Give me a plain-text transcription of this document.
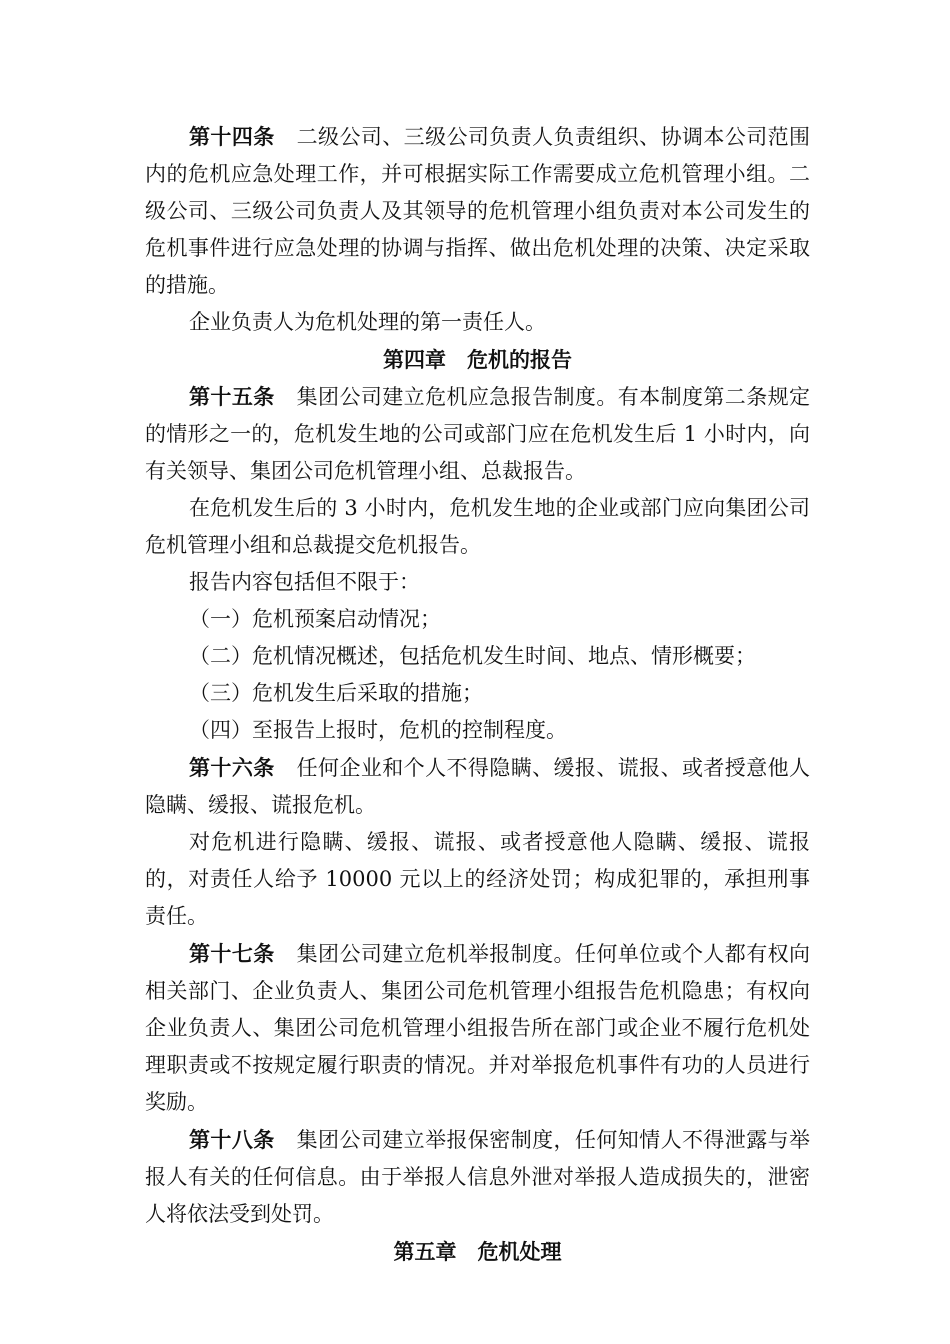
第十四条 二级公司、三级公司负责人负责组织、协调本公司范围内的危机应急处理工作，并可根据实际工作需要成立危机管理小组。二级公司、三级公司负责人及其领导的危机管理小组负责对本公司发生的危机事件进行应急处理的协调与指挥、做出危机处理的决策、决定采取的措施。

企业负责人为危机处理的第一责任人。

第四章　危机的报告

第十五条 集团公司建立危机应急报告制度。有本制度第二条规定的情形之一的，危机发生地的公司或部门应在危机发生后 1 小时内，向有关领导、集团公司危机管理小组、总裁报告。

在危机发生后的 3 小时内，危机发生地的企业或部门应向集团公司危机管理小组和总裁提交危机报告。

报告内容包括但不限于：

（一）危机预案启动情况；

（二）危机情况概述，包括危机发生时间、地点、情形概要；

（三）危机发生后采取的措施；

（四）至报告上报时，危机的控制程度。

第十六条 任何企业和个人不得隐瞒、缓报、谎报、或者授意他人隐瞒、缓报、谎报危机。

对危机进行隐瞒、缓报、谎报、或者授意他人隐瞒、缓报、谎报的，对责任人给予 10000 元以上的经济处罚；构成犯罪的，承担刑事责任。

第十七条 集团公司建立危机举报制度。任何单位或个人都有权向相关部门、企业负责人、集团公司危机管理小组报告危机隐患；有权向企业负责人、集团公司危机管理小组报告所在部门或企业不履行危机处理职责或不按规定履行职责的情况。并对举报危机事件有功的人员进行奖励。

第十八条 集团公司建立举报保密制度，任何知情人不得泄露与举报人有关的任何信息。由于举报人信息外泄对举报人造成损失的，泄密人将依法受到处罚。

第五章　危机处理
